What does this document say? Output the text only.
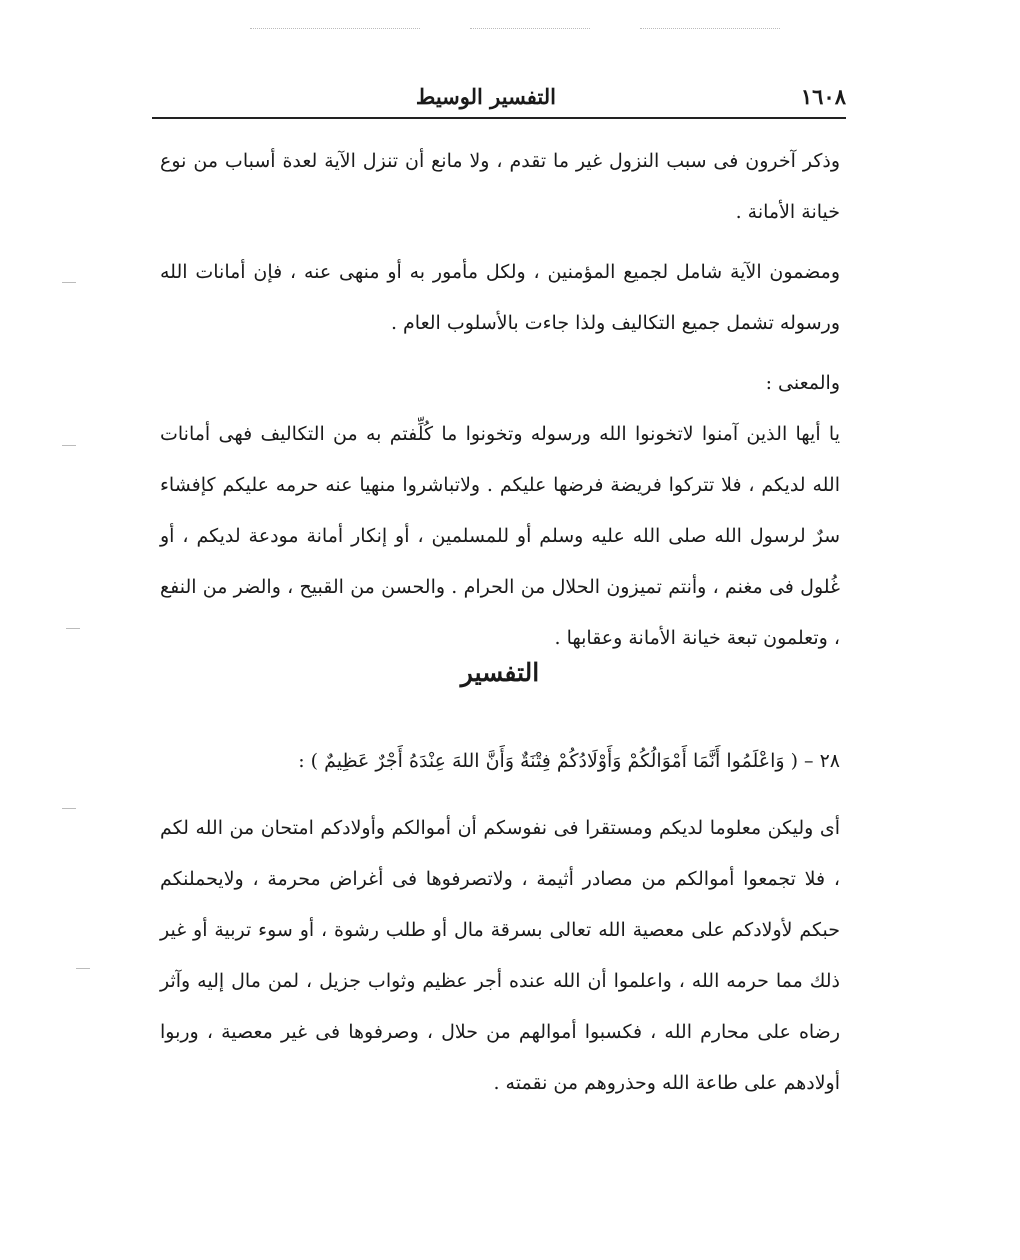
١٦٠٨
التفسير الوسيط
وذكر آخرون فى سبب النزول غير ما تقدم ، ولا مانع أن تنزل الآية لعدة أسباب من نوع خيانة الأمانة .
ومضمون الآية شامل لجميع المؤمنين ، ولكل مأمور به أو منهى عنه ، فإن أمانات الله ورسوله تشمل جميع التكاليف ولذا جاءت بالأسلوب العام .
والمعنى :
يا أيها الذين آمنوا لاتخونوا الله ورسوله وتخونوا ما كُلِّفتم به من التكاليف فهى أمانات الله لديكم ، فلا تتركوا فريضة فرضها عليكم . ولاتباشروا منهيا عنه حرمه عليكم كإفشاء سرٌ لرسول الله صلى الله عليه وسلم أو للمسلمين ، أو إنكار أمانة مودعة لديكم ، أو غُلول فى مغنم ، وأنتم تميزون الحلال من الحرام . والحسن من القبيح ، والضر من النفع ، وتعلمون تبعة خيانة الأمانة وعقابها .
التفسير
٢٨ – ( وَاعْلَمُوا أَنَّمَا أَمْوَالُكُمْ وَأَوْلَادُكُمْ فِتْنَةٌ وَأَنَّ اللهَ عِنْدَهُ أَجْرٌ عَظِيمٌ ) :
أى وليكن معلوما لديكم ومستقرا فى نفوسكم أن أموالكم وأولادكم امتحان من الله لكم ، فلا تجمعوا أموالكم من مصادر أثيمة ، ولاتصرفوها فى أغراض محرمة ، ولايحملنكم حبكم لأولادكم على معصية الله تعالى بسرقة مال أو طلب رشوة ، أو سوء تربية أو غير ذلك مما حرمه الله ، واعلموا أن الله عنده أجر عظيم وثواب جزيل ، لمن مال إليه وآثر رضاه على محارم الله ، فكسبوا أموالهم من حلال ، وصرفوها فى غير معصية ، وربوا أولادهم على طاعة الله وحذروهم من نقمته .
